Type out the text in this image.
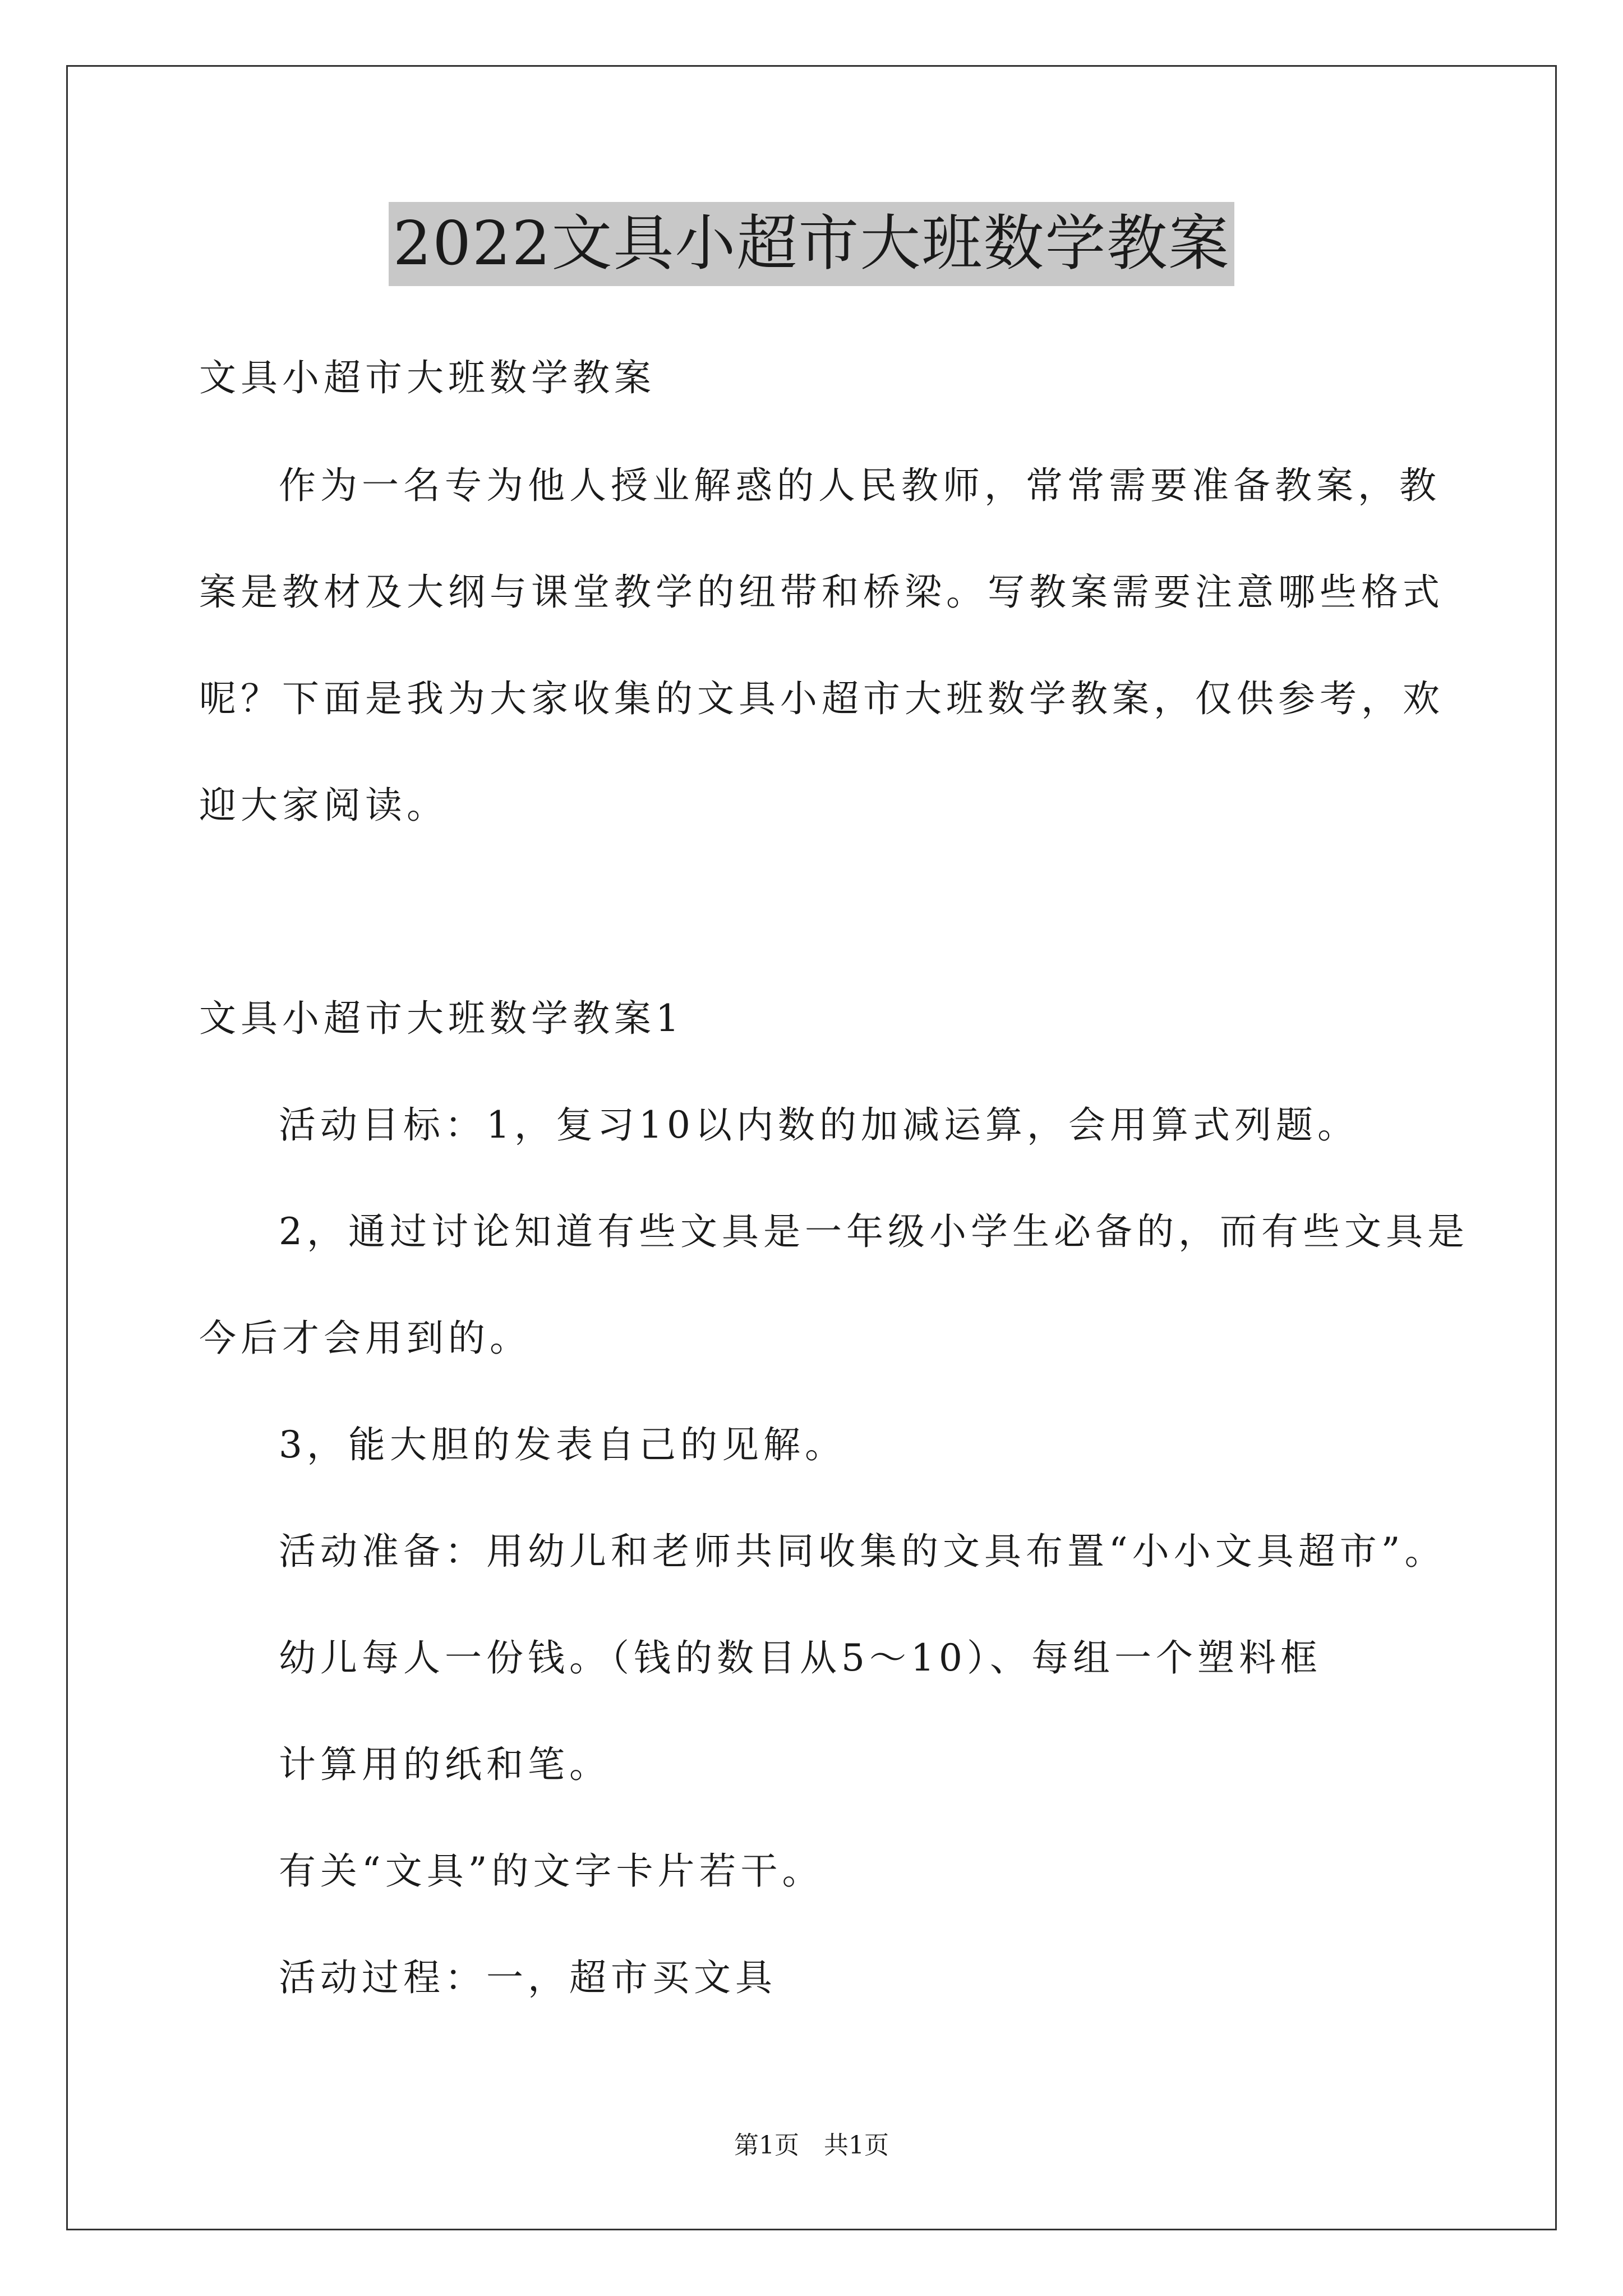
2022文具小超市大班数学教案
文具小超市大班数学教案
作为一名专为他人授业解惑的人民教师，常常需要准备教案，教
案是教材及大纲与课堂教学的纽带和桥梁。写教案需要注意哪些格式
呢？下面是我为大家收集的文具小超市大班数学教案，仅供参考，欢
迎大家阅读。
文具小超市大班数学教案1
活动目标：1，复习10以内数的加减运算，会用算式列题。
2，通过讨论知道有些文具是一年级小学生必备的，而有些文具是
今后才会用到的。
3，能大胆的发表自己的见解。
活动准备：用幼儿和老师共同收集的文具布置“小小文具超市”。
幼儿每人一份钱。（钱的数目从5～10）、每组一个塑料框
计算用的纸和笔。
有关“文具”的文字卡片若干。
活动过程：一，超市买文具
第1页　共1页
